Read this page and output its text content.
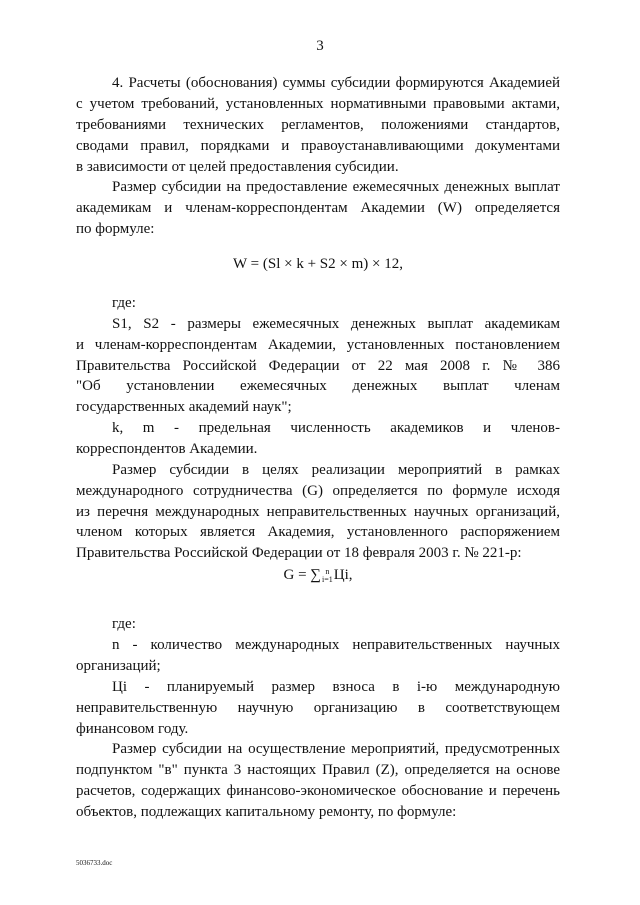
3
4. Расчеты (обоснования) суммы субсидии формируются Академией
с учетом требований, установленных нормативными правовыми актами,
требованиями технических регламентов, положениями стандартов,
сводами правил, порядками и правоустанавливающими документами
в зависимости от целей предоставления субсидии.
Размер субсидии на предоставление ежемесячных денежных выплат
академикам и членам-корреспондентам Академии (W) определяется
по формуле:
W = (Sl × k + S2 × m) × 12,
где:
S1, S2 - размеры ежемесячных денежных выплат академикам
и членам-корреспондентам Академии, установленных постановлением
Правительства Российской Федерации от 22 мая 2008 г. № 386
"Об установлении ежемесячных денежных выплат членам
государственных академий наук";
k, m - предельная численность академиков и членов-
корреспондентов Академии.
Размер субсидии в целях реализации мероприятий в рамках
международного сотрудничества (G) определяется по формуле исходя
из перечня международных неправительственных научных организаций,
членом которых является Академия, установленного распоряжением
Правительства Российской Федерации от 18 февраля 2003 г. № 221-р:
где:
n - количество международных неправительственных научных
организаций;
Цi - планируемый размер взноса в i-ю международную
неправительственную научную организацию в соответствующем
финансовом году.
Размер субсидии на осуществление мероприятий, предусмотренных
подпунктом "в" пункта 3 настоящих Правил (Z), определяется на основе
расчетов, содержащих финансово-экономическое обоснование и перечень
объектов, подлежащих капитальному ремонту, по формуле:
G = ∑ n
i=1 Цi,
5036733.doc
